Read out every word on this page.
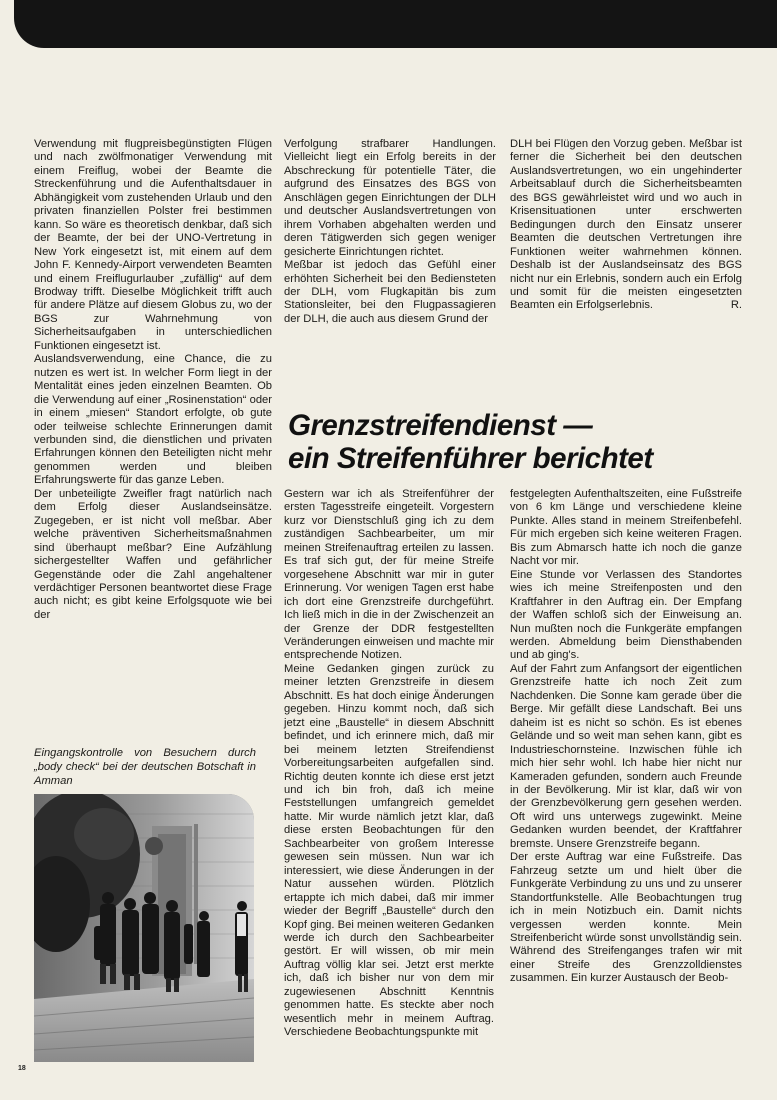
Verwendung mit flugpreisbegünstigten Flügen und nach zwölfmonatiger Verwendung mit einem Freiflug, wobei der Beamte die Streckenführung und die Aufenthaltsdauer in Abhängigkeit vom zustehenden Urlaub und den privaten finanziellen Polster frei bestimmen kann. So wäre es theoretisch denkbar, daß sich der Beamte, der bei der UNO-Vertretung in New York eingesetzt ist, mit einem auf dem John F. Kennedy-Airport verwendeten Beamten und einem Freiflugurlauber „zufällig“ auf dem Brodway trifft. Dieselbe Möglichkeit trifft auch für andere Plätze auf diesem Globus zu, wo der BGS zur Wahrnehmung von Sicherheitsaufgaben in unterschiedlichen Funktionen eingesetzt ist.
Auslandsverwendung, eine Chance, die zu nutzen es wert ist. In welcher Form liegt in der Mentalität eines jeden einzelnen Beamten. Ob die Verwendung auf einer „Rosinenstation“ oder in einem „miesen“ Standort erfolgte, ob gute oder teilweise schlechte Erinnerungen damit verbunden sind, die dienstlichen und privaten Erfahrungen können den Beteiligten nicht mehr genommen werden und bleiben Erfahrungswerte für das ganze Leben.
Der unbeteiligte Zweifler fragt natürlich nach dem Erfolg dieser Auslandseinsätze. Zugegeben, er ist nicht voll meßbar. Aber welche präventiven Sicherheitsmaßnahmen sind überhaupt meßbar? Eine Aufzählung sichergestellter Waffen und gefährlicher Gegenstände oder die Zahl angehaltener verdächtiger Personen beantwortet diese Frage auch nicht; es gibt keine Erfolgsquote wie bei der

Verfolgung strafbarer Handlungen. Vielleicht liegt ein Erfolg bereits in der Abschreckung für potentielle Täter, die aufgrund des Einsatzes des BGS von Anschlägen gegen Einrichtungen der DLH und deutscher Auslandsvertretungen von ihrem Vorhaben abgehalten werden und deren Tätigwerden sich gegen weniger gesicherte Einrichtungen richtet.
Meßbar ist jedoch das Gefühl einer erhöhten Sicherheit bei den Bediensteten der DLH, vom Flugkapitän bis zum Stationsleiter, bei den Flugpassagieren der DLH, die auch aus diesem Grund der

DLH bei Flügen den Vorzug geben. Meßbar ist ferner die Sicherheit bei den deutschen Auslandsvertretungen, wo ein ungehinderter Arbeitsablauf durch die Sicherheitsbeamten des BGS gewährleistet wird und wo auch in Krisensituationen unter erschwerten Bedingungen durch den Einsatz unserer Beamten die deutschen Vertretungen ihre Funktionen weiter wahrnehmen können. Deshalb ist der Auslandseinsatz des BGS nicht nur ein Erlebnis, sondern auch ein Erfolg und somit für die meisten eingesetzten Beamten ein Erfolgserlebnis.	R.
Grenzstreifendienst —
ein Streifenführer berichtet

Gestern war ich als Streifenführer der ersten Tagesstreife eingeteilt. Vorgestern kurz vor Dienstschluß ging ich zu dem zuständigen Sachbearbeiter, um mir meinen Streifenauftrag erteilen zu lassen. Es traf sich gut, der für meine Streife vorgesehene Abschnitt war mir in guter Erinnerung. Vor wenigen Tagen erst habe ich dort eine Grenzstreife durchgeführt. Ich ließ mich in die in der Zwischenzeit an der Grenze der DDR festgestellten Veränderungen einweisen und machte mir entsprechende Notizen.
Meine Gedanken gingen zurück zu meiner letzten Grenzstreife in diesem Abschnitt. Es hat doch einige Änderungen gegeben. Hinzu kommt noch, daß sich jetzt eine „Baustelle“ in diesem Abschnitt befindet, und ich erinnere mich, daß mir bei meinem letzten Streifendienst Vorbereitungsarbeiten aufgefallen sind. Richtig deuten konnte ich diese erst jetzt und ich bin froh, daß ich meine Feststellungen umfangreich gemeldet hatte. Mir wurde nämlich jetzt klar, daß diese ersten Beobachtungen für den Sachbearbeiter von großem Interesse gewesen sein müssen. Nun war ich interessiert, wie diese Änderungen in der Natur aussehen würden. Plötzlich ertappte ich mich dabei, daß mir immer wieder der Begriff „Baustelle“ durch den Kopf ging. Bei meinen weiteren Gedanken werde ich durch den Sachbearbeiter gestört. Er will wissen, ob mir mein Auftrag völlig klar sei. Jetzt erst merkte ich, daß ich bisher nur von dem mir zugewiesenen Abschnitt Kenntnis genommen hatte. Es steckte aber noch wesentlich mehr in meinem Auftrag. Verschiedene Beobachtungspunkte mit

festgelegten Aufenthaltszeiten, eine Fußstreife von 6 km Länge und verschiedene kleine Punkte. Alles stand in meinem Streifenbefehl. Für mich ergeben sich keine weiteren Fragen. Bis zum Abmarsch hatte ich noch die ganze Nacht vor mir.
Eine Stunde vor Verlassen des Standortes wies ich meine Streifenposten und den Kraftfahrer in den Auftrag ein. Der Empfang der Waffen schloß sich der Einweisung an. Nun mußten noch die Funkgeräte empfangen werden. Abmeldung beim Diensthabenden und ab ging's.
Auf der Fahrt zum Anfangsort der eigentlichen Grenzstreife hatte ich noch Zeit zum Nachdenken. Die Sonne kam gerade über die Berge. Mir gefällt diese Landschaft. Bei uns daheim ist es nicht so schön. Es ist ebenes Gelände und so weit man sehen kann, gibt es Industrieschornsteine. Inzwischen fühle ich mich hier sehr wohl. Ich habe hier nicht nur Kameraden gefunden, sondern auch Freunde in der Bevölkerung. Mir ist klar, daß wir von der Grenzbevölkerung gern gesehen werden. Oft wird uns unterwegs zugewinkt. Meine Gedanken wurden beendet, der Kraftfahrer bremste. Unsere Grenzstreife begann.
Der erste Auftrag war eine Fußstreife. Das Fahrzeug setzte um und hielt über die Funkgeräte Verbindung zu uns und zu unserer Standortfunkstelle. Alle Beobachtungen trug ich in mein Notizbuch ein. Damit nichts vergessen werden konnte. Mein Streifenbericht würde sonst unvollständig sein. Während des Streifenganges trafen wir mit einer Streife des Grenzzolldienstes zusammen. Ein kurzer Austausch der Beob-

Eingangskontrolle von Besuchern durch „body check“ bei der deutschen Botschaft in Amman

18
